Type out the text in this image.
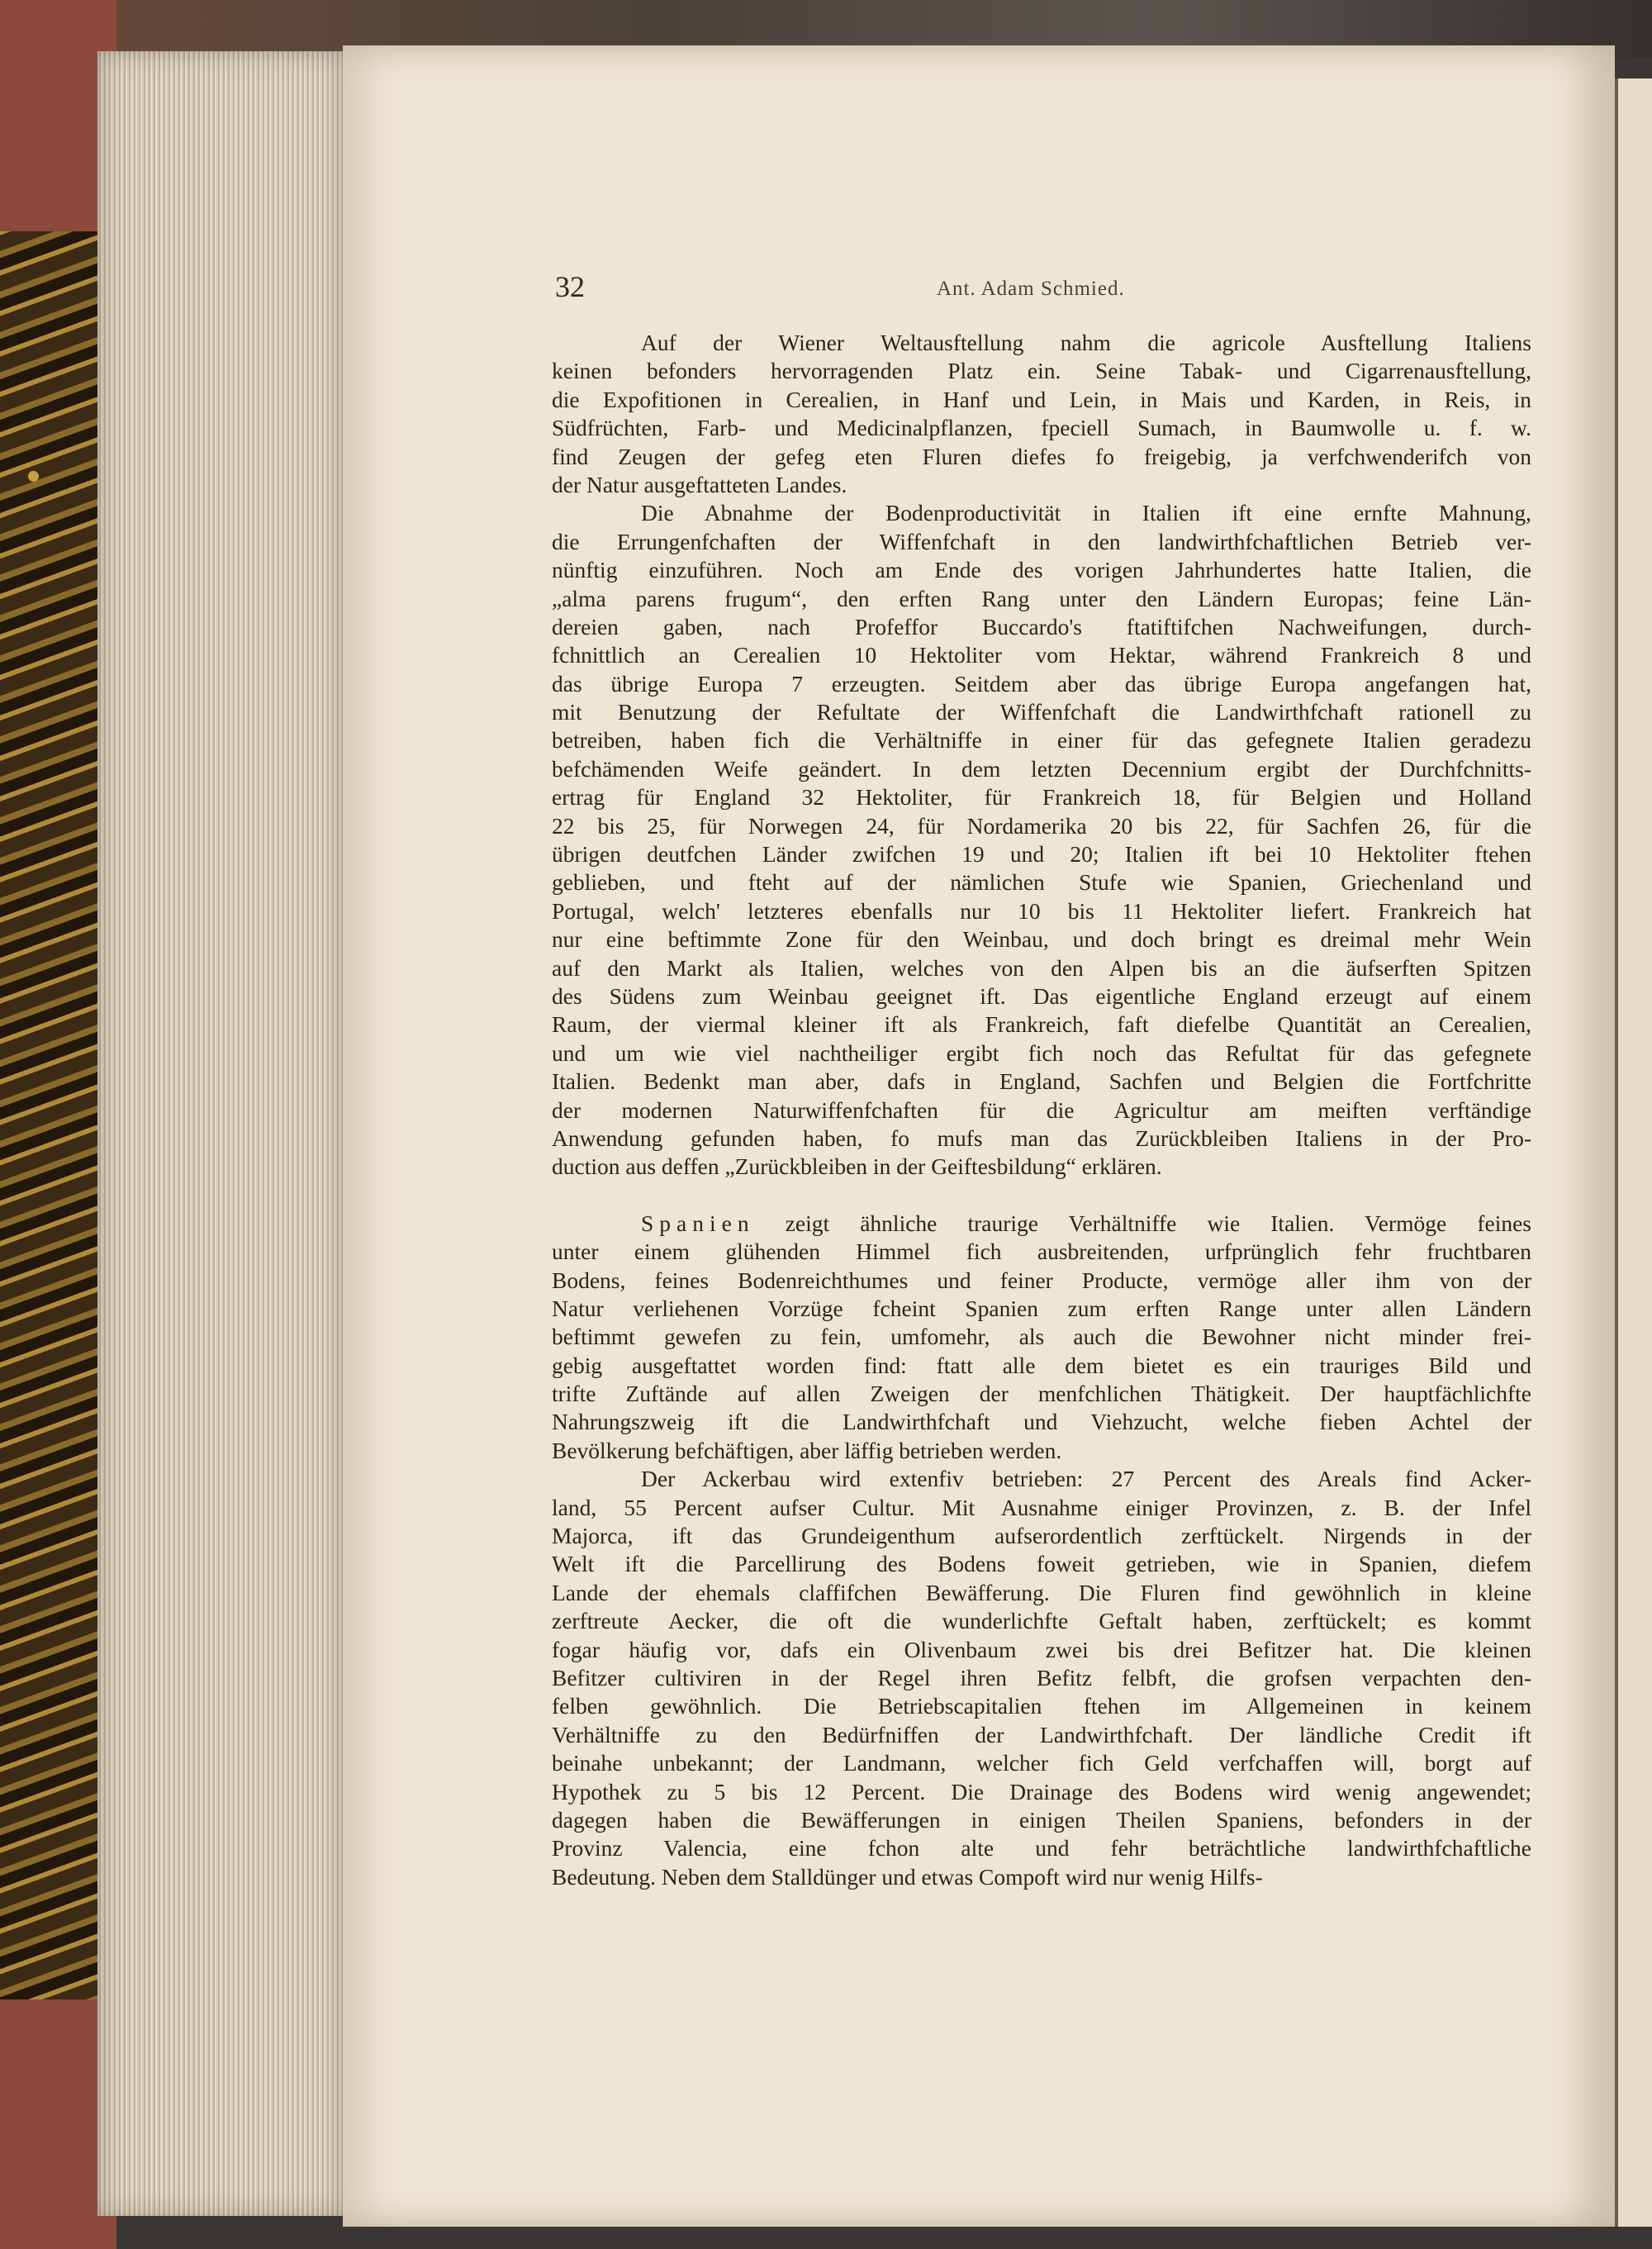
32	Ant. Adam Schmied.
Auf der Wiener Weltausftellung nahm die agricole Ausftellung Italiens
keinen befonders hervorragenden Platz ein. Seine Tabak- und Cigarrenausftellung,
die Expofitionen in Cerealien, in Hanf und Lein, in Mais und Karden, in Reis, in
Südfrüchten, Farb- und Medicinalpflanzen, fpeciell Sumach, in Baumwolle u. f. w.
find Zeugen der gefeg eten Fluren diefes fo freigebig, ja verfchwenderifch von
der Natur ausgeftatteten Landes.
Die Abnahme der Bodenproductivität in Italien ift eine ernfte Mahnung,
die Errungenfchaften der Wiffenfchaft in den landwirthfchaftlichen Betrieb ver-
nünftig einzuführen. Noch am Ende des vorigen Jahrhundertes hatte Italien, die
„alma parens frugum“, den erften Rang unter den Ländern Europas; feine Län-
dereien gaben, nach Profeffor Buccardo's ftatiftifchen Nachweifungen, durch-
fchnittlich an Cerealien 10 Hektoliter vom Hektar, während Frankreich 8 und
das übrige Europa 7 erzeugten. Seitdem aber das übrige Europa angefangen hat,
mit Benutzung der Refultate der Wiffenfchaft die Landwirthfchaft rationell zu
betreiben, haben fich die Verhältniffe in einer für das gefegnete Italien geradezu
befchämenden Weife geändert. In dem letzten Decennium ergibt der Durchfchnitts-
ertrag für England 32 Hektoliter, für Frankreich 18, für Belgien und Holland
22 bis 25, für Norwegen 24, für Nordamerika 20 bis 22, für Sachfen 26, für die
übrigen deutfchen Länder zwifchen 19 und 20; Italien ift bei 10 Hektoliter ftehen
geblieben, und fteht auf der nämlichen Stufe wie Spanien, Griechenland und
Portugal, welch' letzteres ebenfalls nur 10 bis 11 Hektoliter liefert. Frankreich hat
nur eine beftimmte Zone für den Weinbau, und doch bringt es dreimal mehr Wein
auf den Markt als Italien, welches von den Alpen bis an die äufserften Spitzen
des Südens zum Weinbau geeignet ift. Das eigentliche England erzeugt auf einem
Raum, der viermal kleiner ift als Frankreich, faft diefelbe Quantität an Cerealien,
und um wie viel nachtheiliger ergibt fich noch das Refultat für das gefegnete
Italien. Bedenkt man aber, dafs in England, Sachfen und Belgien die Fortfchritte
der modernen Naturwiffenfchaften für die Agricultur am meiften verftändige
Anwendung gefunden haben, fo mufs man das Zurückbleiben Italiens in der Pro-
duction aus deffen „Zurückbleiben in der Geiftesbildung“ erklären.
Spanien zeigt ähnliche traurige Verhältniffe wie Italien. Vermöge feines
unter einem glühenden Himmel fich ausbreitenden, urfprünglich fehr fruchtbaren
Bodens, feines Bodenreichthumes und feiner Producte, vermöge aller ihm von der
Natur verliehenen Vorzüge fcheint Spanien zum erften Range unter allen Ländern
beftimmt gewefen zu fein, umfomehr, als auch die Bewohner nicht minder frei-
gebig ausgeftattet worden find: ftatt alle dem bietet es ein trauriges Bild und
trifte Zuftände auf allen Zweigen der menfchlichen Thätigkeit. Der hauptfächlichfte
Nahrungszweig ift die Landwirthfchaft und Viehzucht, welche fieben Achtel der
Bevölkerung befchäftigen, aber läffig betrieben werden.
Der Ackerbau wird extenfiv betrieben: 27 Percent des Areals find Acker-
land, 55 Percent aufser Cultur. Mit Ausnahme einiger Provinzen, z. B. der Infel
Majorca, ift das Grundeigenthum aufserordentlich zerftückelt. Nirgends in der
Welt ift die Parcellirung des Bodens foweit getrieben, wie in Spanien, diefem
Lande der ehemals claffifchen Bewäfferung. Die Fluren find gewöhnlich in kleine
zerftreute Aecker, die oft die wunderlichfte Geftalt haben, zerftückelt; es kommt
fogar häufig vor, dafs ein Olivenbaum zwei bis drei Befitzer hat. Die kleinen
Befitzer cultiviren in der Regel ihren Befitz felbft, die grofsen verpachten den-
felben gewöhnlich. Die Betriebscapitalien ftehen im Allgemeinen in keinem
Verhältniffe zu den Bedürfniffen der Landwirthfchaft. Der ländliche Credit ift
beinahe unbekannt; der Landmann, welcher fich Geld verfchaffen will, borgt auf
Hypothek zu 5 bis 12 Percent. Die Drainage des Bodens wird wenig angewendet;
dagegen haben die Bewäfferungen in einigen Theilen Spaniens, befonders in der
Provinz Valencia, eine fchon alte und fehr beträchtliche landwirthfchaftliche
Bedeutung. Neben dem Stalldünger und etwas Compoft wird nur wenig Hilfs-
